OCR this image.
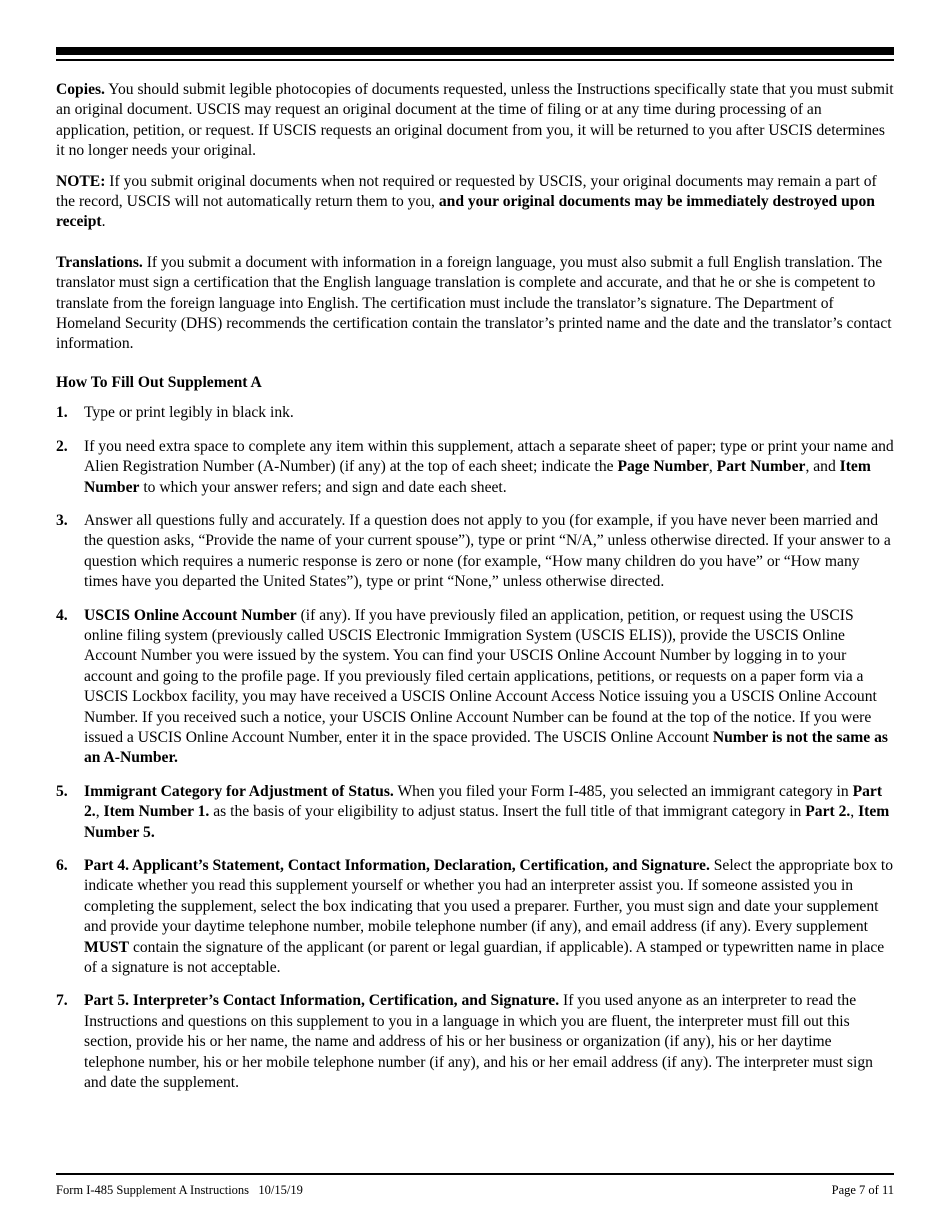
Copies. You should submit legible photocopies of documents requested, unless the Instructions specifically state that you must submit an original document. USCIS may request an original document at the time of filing or at any time during processing of an application, petition, or request. If USCIS requests an original document from you, it will be returned to you after USCIS determines it no longer needs your original.

NOTE: If you submit original documents when not required or requested by USCIS, your original documents may remain a part of the record, USCIS will not automatically return them to you, and your original documents may be immediately destroyed upon receipt.

Translations. If you submit a document with information in a foreign language, you must also submit a full English translation. The translator must sign a certification that the English language translation is complete and accurate, and that he or she is competent to translate from the foreign language into English. The certification must include the translator’s signature. The Department of Homeland Security (DHS) recommends the certification contain the translator’s printed name and the date and the translator’s contact information.

How To Fill Out Supplement A
1. Type or print legibly in black ink.
2. If you need extra space to complete any item within this supplement, attach a separate sheet of paper; type or print your name and Alien Registration Number (A-Number) (if any) at the top of each sheet; indicate the Page Number, Part Number, and Item Number to which your answer refers; and sign and date each sheet.
3. Answer all questions fully and accurately. If a question does not apply to you (for example, if you have never been married and the question asks, “Provide the name of your current spouse”), type or print “N/A,” unless otherwise directed. If your answer to a question which requires a numeric response is zero or none (for example, “How many children do you have” or “How many times have you departed the United States”), type or print “None,” unless otherwise directed.
4. USCIS Online Account Number (if any). If you have previously filed an application, petition, or request using the USCIS online filing system (previously called USCIS Electronic Immigration System (USCIS ELIS)), provide the USCIS Online Account Number you were issued by the system. You can find your USCIS Online Account Number by logging in to your account and going to the profile page. If you previously filed certain applications, petitions, or requests on a paper form via a USCIS Lockbox facility, you may have received a USCIS Online Account Access Notice issuing you a USCIS Online Account Number. If you received such a notice, your USCIS Online Account Number can be found at the top of the notice. If you were issued a USCIS Online Account Number, enter it in the space provided. The USCIS Online Account Number is not the same as an A-Number.
5. Immigrant Category for Adjustment of Status. When you filed your Form I-485, you selected an immigrant category in Part 2., Item Number 1. as the basis of your eligibility to adjust status. Insert the full title of that immigrant category in Part 2., Item Number 5.
6. Part 4. Applicant’s Statement, Contact Information, Declaration, Certification, and Signature. Select the appropriate box to indicate whether you read this supplement yourself or whether you had an interpreter assist you. If someone assisted you in completing the supplement, select the box indicating that you used a preparer. Further, you must sign and date your supplement and provide your daytime telephone number, mobile telephone number (if any), and email address (if any). Every supplement MUST contain the signature of the applicant (or parent or legal guardian, if applicable). A stamped or typewritten name in place of a signature is not acceptable.
7. Part 5. Interpreter’s Contact Information, Certification, and Signature. If you used anyone as an interpreter to read the Instructions and questions on this supplement to you in a language in which you are fluent, the interpreter must fill out this section, provide his or her name, the name and address of his or her business or organization (if any), his or her daytime telephone number, his or her mobile telephone number (if any), and his or her email address (if any). The interpreter must sign and date the supplement.
Form I-485 Supplement A Instructions   10/15/19	Page 7 of 11
